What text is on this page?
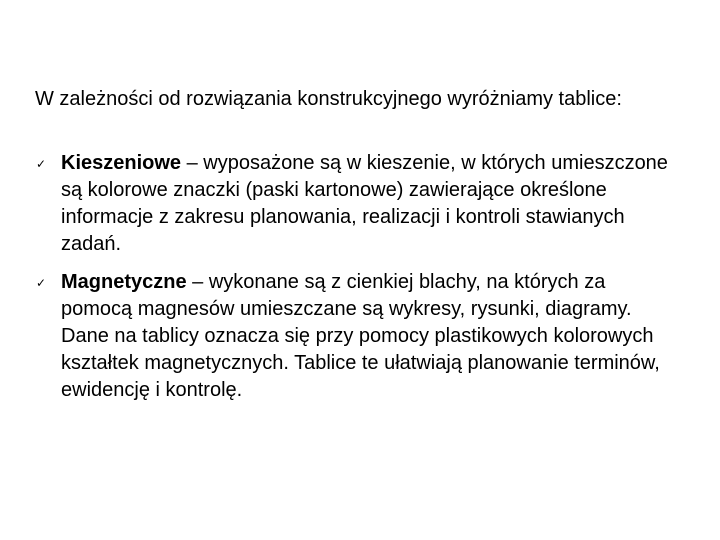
W zależności od rozwiązania konstrukcyjnego wyróżniamy tablice:

✓ Kieszeniowe – wyposażone są w kieszenie, w których umieszczone są kolorowe znaczki (paski kartonowe) zawierające określone informacje z zakresu planowania, realizacji i kontroli stawianych zadań.
✓ Magnetyczne – wykonane są z cienkiej blachy, na których za pomocą magnesów umieszczane są wykresy, rysunki, diagramy. Dane na tablicy oznacza się przy pomocy plastikowych kolorowych kształtek magnetycznych. Tablice te ułatwiają planowanie terminów, ewidencję i kontrolę.
